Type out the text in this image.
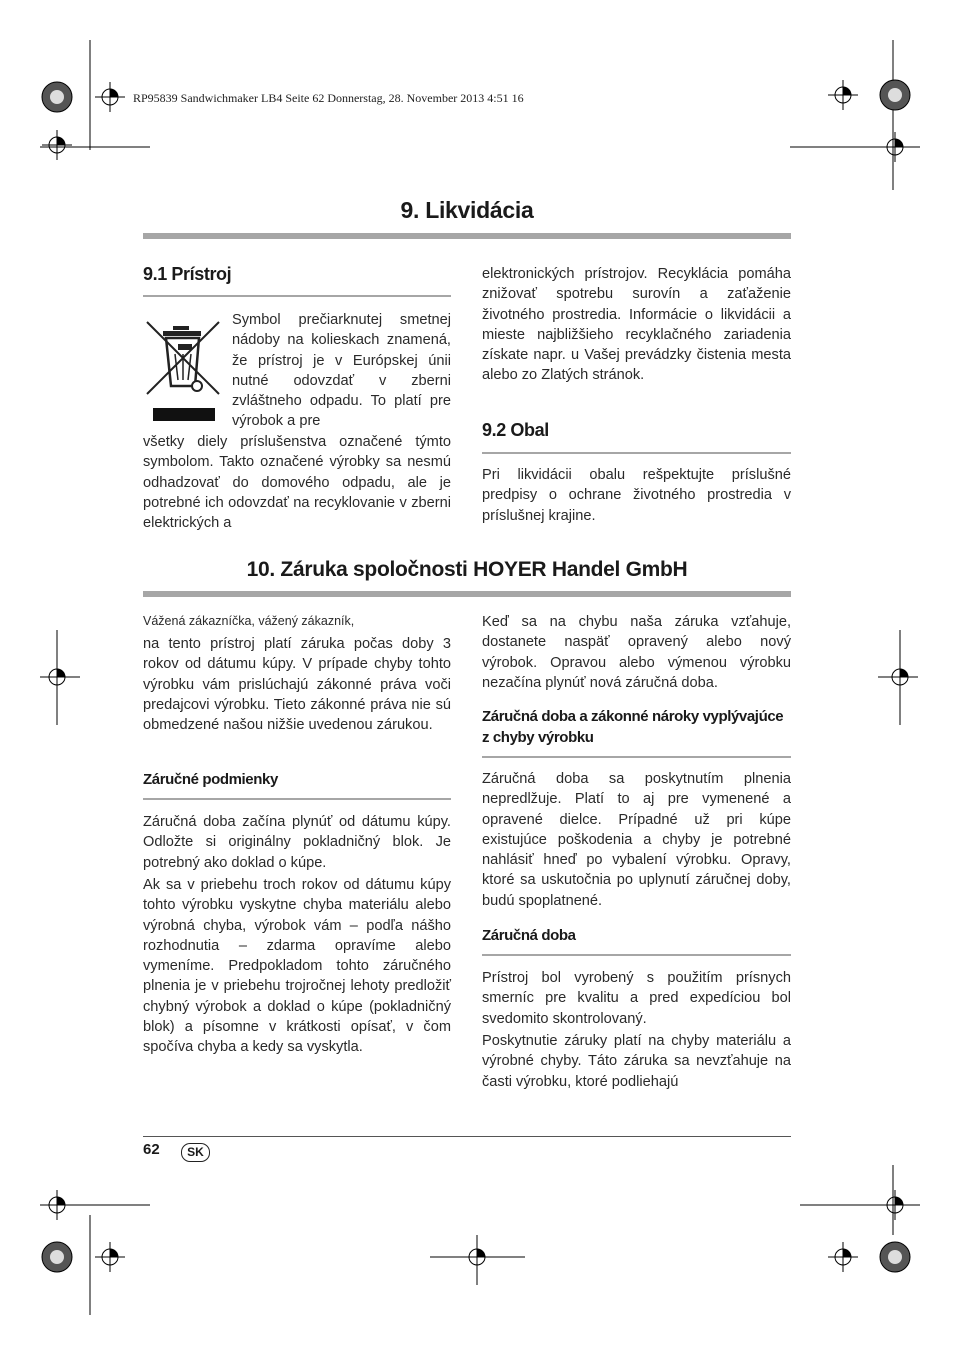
RP95839 Sandwichmaker LB4 Seite 62 Donnerstag, 28. November 2013 4:51 16
9. Likvidácia
9.1 Prístroj
Symbol prečiarknutej smetnej nádoby na kolieskach znamená, že prístroj je v Európskej únii nutné odovzdať v zberni zvláštneho odpadu. To platí pre výrobok a pre
všetky diely príslušenstva označené týmto symbolom. Takto označené výrobky sa nesmú odhadzovať do domového odpadu, ale je potrebné ich odovzdať na recyklovanie v zberni elektrických a
elektronických prístrojov. Recyklácia pomáha znižovať spotrebu surovín a zaťaženie životného prostredia. Informácie o likvidácii a mieste najbližšieho recyklačného zariadenia získate napr. u Vašej prevádzky čistenia mesta alebo zo Zlatých stránok.
9.2 Obal
Pri likvidácii obalu rešpektujte príslušné predpisy o ochrane životného prostredia v príslušnej krajine.
10. Záruka spoločnosti HOYER Handel GmbH
Vážená zákazníčka, vážený zákazník,
na tento prístroj platí záruka počas doby 3 rokov od dátumu kúpy. V prípade chyby tohto výrobku vám prislúchajú zákonné práva voči predajcovi výrobku. Tieto zákonné práva nie sú obmedzené našou nižšie uvedenou zárukou.
Záručné podmienky
Záručná doba začína plynúť od dátumu kúpy. Odložte si originálny pokladničný blok. Je potrebný ako doklad o kúpe.
Ak sa v priebehu troch rokov od dátumu kúpy tohto výrobku vyskytne chyba materiálu alebo výrobná chyba, výrobok vám – podľa nášho rozhodnutia – zdarma opravíme alebo vymeníme. Predpokladom tohto záručného plnenia je v priebehu trojročnej lehoty predložiť chybný výrobok a doklad o kúpe (pokladničný blok) a písomne v krátkosti opísať, v čom spočíva chyba a kedy sa vyskytla.
Keď sa na chybu naša záruka vzťahuje, dostanete naspäť opravený alebo nový výrobok. Opravou alebo výmenou výrobku nezačína plynúť nová záručná doba.
Záručná doba a zákonné nároky vyplývajúce z chyby výrobku
Záručná doba sa poskytnutím plnenia nepredlžuje. Platí to aj pre vymenené a opravené dielce. Prípadné už pri kúpe existujúce poškodenia a chyby je potrebné nahlásiť hneď po vybalení výrobku. Opravy, ktoré sa uskutočnia po uplynutí záručnej doby, budú spoplatnené.
Záručná doba
Prístroj bol vyrobený s použitím prísnych smerníc pre kvalitu a pred expedíciou bol svedomito skontrolovaný.
Poskytnutie záruky platí na chyby materiálu a výrobné chyby. Táto záruka sa nevzťahuje na časti výrobku, ktoré podliehajú
62	SK
